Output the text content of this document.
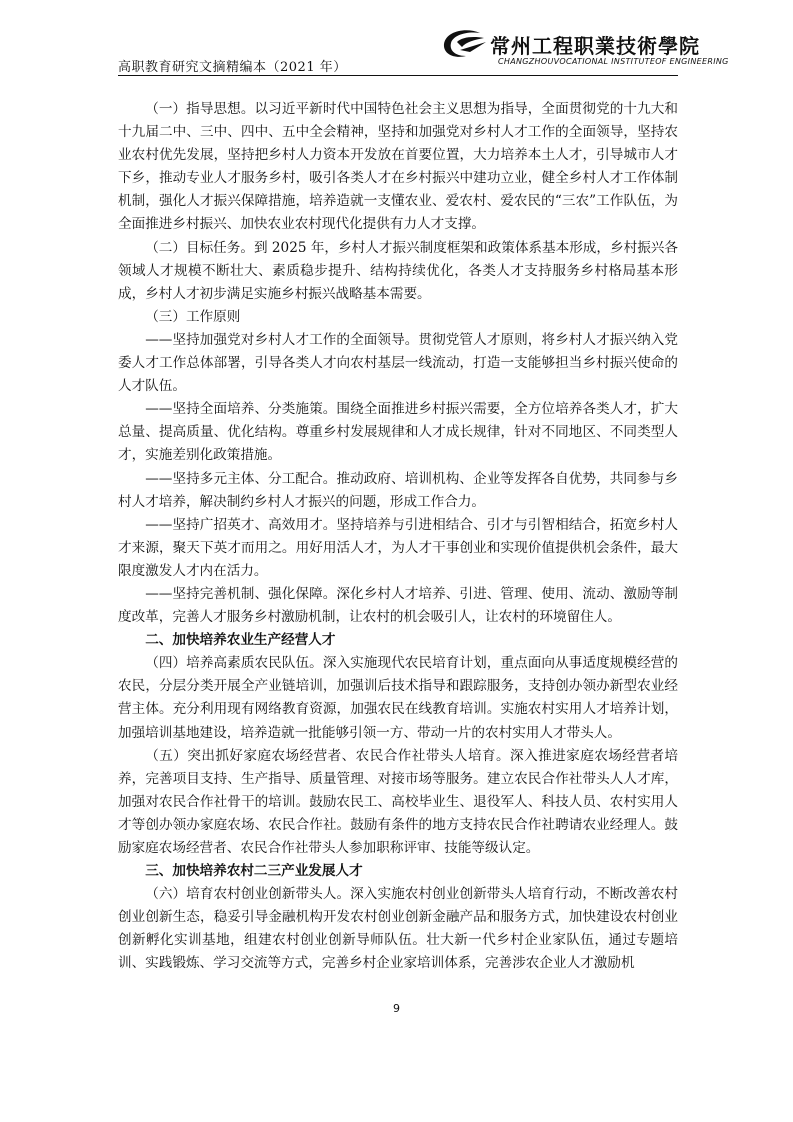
高职教育研究文摘精编本（2021 年）
常州工程职業技術學院
CHANGZHOUVOCATIONAL INSTITUTEOF ENGINEERING

（一）指导思想。以习近平新时代中国特色社会主义思想为指导，全面贯彻党的十九大和十九届二中、三中、四中、五中全会精神，坚持和加强党对乡村人才工作的全面领导，坚持农业农村优先发展，坚持把乡村人力资本开发放在首要位置，大力培养本土人才，引导城市人才下乡，推动专业人才服务乡村，吸引各类人才在乡村振兴中建功立业，健全乡村人才工作体制机制，强化人才振兴保障措施，培养造就一支懂农业、爱农村、爱农民的“三农”工作队伍，为全面推进乡村振兴、加快农业农村现代化提供有力人才支撑。

（二）目标任务。到 2025 年，乡村人才振兴制度框架和政策体系基本形成，乡村振兴各领域人才规模不断壮大、素质稳步提升、结构持续优化，各类人才支持服务乡村格局基本形成，乡村人才初步满足实施乡村振兴战略基本需要。

（三）工作原则

——坚持加强党对乡村人才工作的全面领导。贯彻党管人才原则，将乡村人才振兴纳入党委人才工作总体部署，引导各类人才向农村基层一线流动，打造一支能够担当乡村振兴使命的人才队伍。

——坚持全面培养、分类施策。围绕全面推进乡村振兴需要，全方位培养各类人才，扩大总量、提高质量、优化结构。尊重乡村发展规律和人才成长规律，针对不同地区、不同类型人才，实施差别化政策措施。

——坚持多元主体、分工配合。推动政府、培训机构、企业等发挥各自优势，共同参与乡村人才培养，解决制约乡村人才振兴的问题，形成工作合力。

——坚持广招英才、高效用才。坚持培养与引进相结合、引才与引智相结合，拓宽乡村人才来源，聚天下英才而用之。用好用活人才，为人才干事创业和实现价值提供机会条件，最大限度激发人才内在活力。

——坚持完善机制、强化保障。深化乡村人才培养、引进、管理、使用、流动、激励等制度改革，完善人才服务乡村激励机制，让农村的机会吸引人，让农村的环境留住人。

二、加快培养农业生产经营人才

（四）培养高素质农民队伍。深入实施现代农民培育计划，重点面向从事适度规模经营的农民，分层分类开展全产业链培训，加强训后技术指导和跟踪服务，支持创办领办新型农业经营主体。充分利用现有网络教育资源，加强农民在线教育培训。实施农村实用人才培养计划，加强培训基地建设，培养造就一批能够引领一方、带动一片的农村实用人才带头人。

（五）突出抓好家庭农场经营者、农民合作社带头人培育。深入推进家庭农场经营者培养，完善项目支持、生产指导、质量管理、对接市场等服务。建立农民合作社带头人人才库，加强对农民合作社骨干的培训。鼓励农民工、高校毕业生、退役军人、科技人员、农村实用人才等创办领办家庭农场、农民合作社。鼓励有条件的地方支持农民合作社聘请农业经理人。鼓励家庭农场经营者、农民合作社带头人参加职称评审、技能等级认定。

三、加快培养农村二三产业发展人才

（六）培育农村创业创新带头人。深入实施农村创业创新带头人培育行动，不断改善农村创业创新生态，稳妥引导金融机构开发农村创业创新金融产品和服务方式，加快建设农村创业创新孵化实训基地，组建农村创业创新导师队伍。壮大新一代乡村企业家队伍，通过专题培训、实践锻炼、学习交流等方式，完善乡村企业家培训体系，完善涉农企业人才激励机

9
